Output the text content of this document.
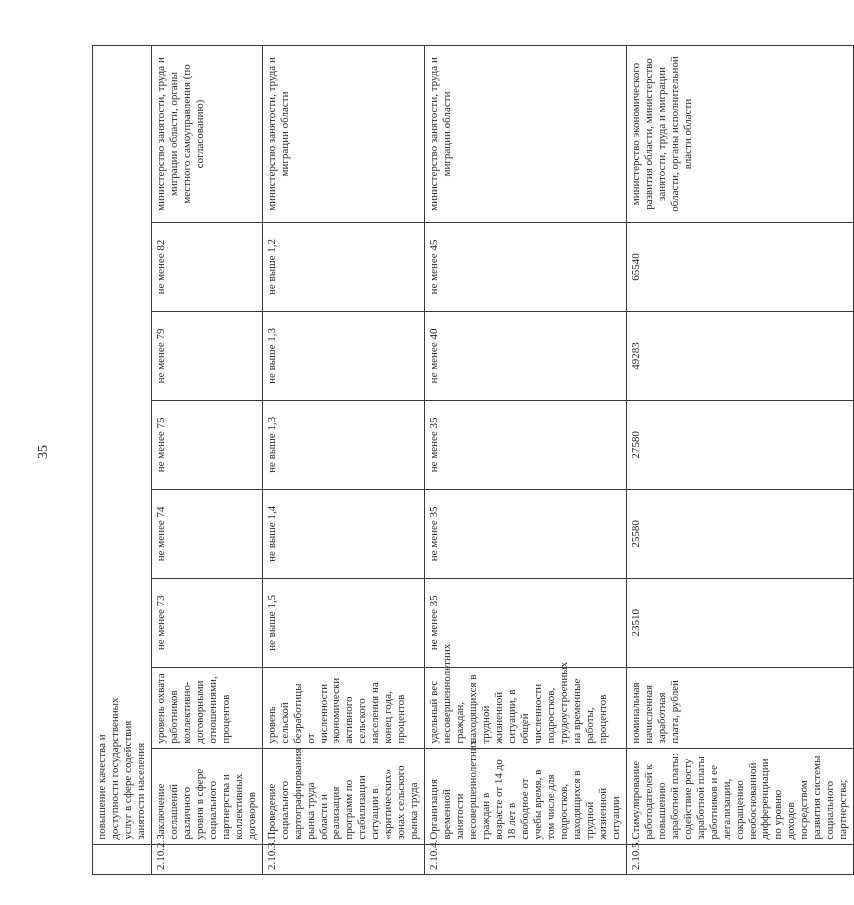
35

	повышение качества и доступности государственных услуг в сфере содействия занятости населения							

2.10.2.	Заключение соглашений различного уровня в сфере социального партнерства и коллективных договоров	уровень охвата работников коллективно-договорными отношениями, процентов	не менее 73	не менее 74	не менее 75	не менее 79	не менее 82	министерство занятости, труда и миграции области, органы местного самоуправления (по согласованию)
2.10.3.	Проведение социального картографирования рынка труда области и реализация программ по стабилизации ситуации в «критических» зонах сельского рынка труда	уровень сельской безработицы от численности экономически активного сельского населения на конец года, процентов	не выше 1,5	не выше 1,4	не выше 1,3	не выше 1,3	не выше 1,2	министерство занятости, труда и миграции области
2.10.4.	Организация временной занятости несовершеннолетних граждан в возрасте от 14 до 18 лет в свободное от учебы время, в том числе для подростков, находящихся в трудной жизненной ситуации	удельный вес несовершеннолетних граждан, находящихся в трудной жизненной ситуации, в общей численности подростков, трудоустроенных на временные работы, процентов	не менее 35	не менее 35	не менее 35	не менее 40	не менее 45	министерство занятости, труда и миграции области
2.10.5.	Стимулирование работодателей к повышению заработной платы: содействие росту заработной платы работников и ее легализации, сокращению необоснованной дифференциации по уровню доходов посредством развития системы социального партнерства;	номинальная начисленная заработная плата, рублей	23510	25580	27580	49283	65540	министерство экономического развития области, министерство занятости, труда и миграции области, органы исполнительной власти области
